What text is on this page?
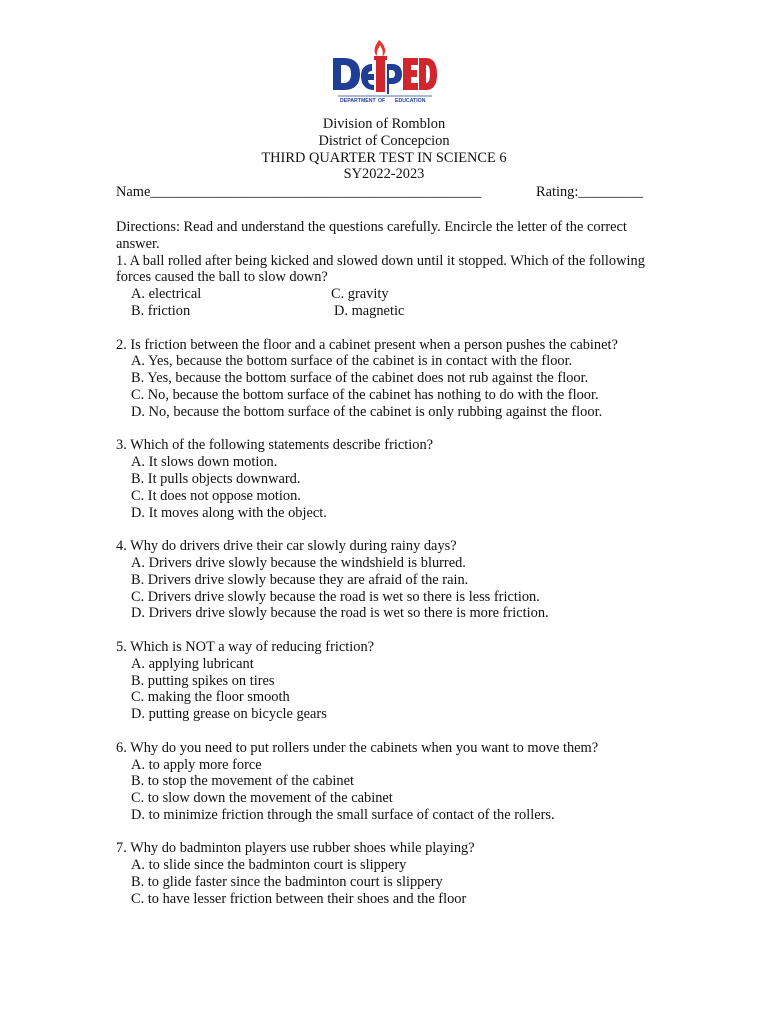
DEPARTMENT OF EDUCATION
Division of Romblon
District of Concepcion
THIRD QUARTER TEST IN SCIENCE 6
SY2022-2023
Name______________________________________________	Rating:_________

Directions: Read and understand the questions carefully. Encircle the letter of the correct answer.

1. A ball rolled after being kicked and slowed down until it stopped. Which of the following forces caused the ball to slow down?

A. electrical	C. gravity
B. friction	D. magnetic

2. Is friction between the floor and a cabinet present when a person pushes the cabinet?

A. Yes, because the bottom surface of the cabinet is in contact with the floor.
B. Yes, because the bottom surface of the cabinet does not rub against the floor.
C. No, because the bottom surface of the cabinet has nothing to do with the floor.
D. No, because the bottom surface of the cabinet is only rubbing against the floor.

3. Which of the following statements describe friction?

A. It slows down motion.
B. It pulls objects downward.
C. It does not oppose motion.
D. It moves along with the object.

4. Why do drivers drive their car slowly during rainy days?

A. Drivers drive slowly because the windshield is blurred.
B. Drivers drive slowly because they are afraid of the rain.
C. Drivers drive slowly because the road is wet so there is less friction.
D. Drivers drive slowly because the road is wet so there is more friction.

5. Which is NOT a way of reducing friction?

A. applying lubricant
B. putting spikes on tires
C. making the floor smooth
D. putting grease on bicycle gears

6. Why do you need to put rollers under the cabinets when you want to move them?

A. to apply more force
B. to stop the movement of the cabinet
C. to slow down the movement of the cabinet
D. to minimize friction through the small surface of contact of the rollers.

7. Why do badminton players use rubber shoes while playing?

A. to slide since the badminton court is slippery
B. to glide faster since the badminton court is slippery
C. to have lesser friction between their shoes and the floor
